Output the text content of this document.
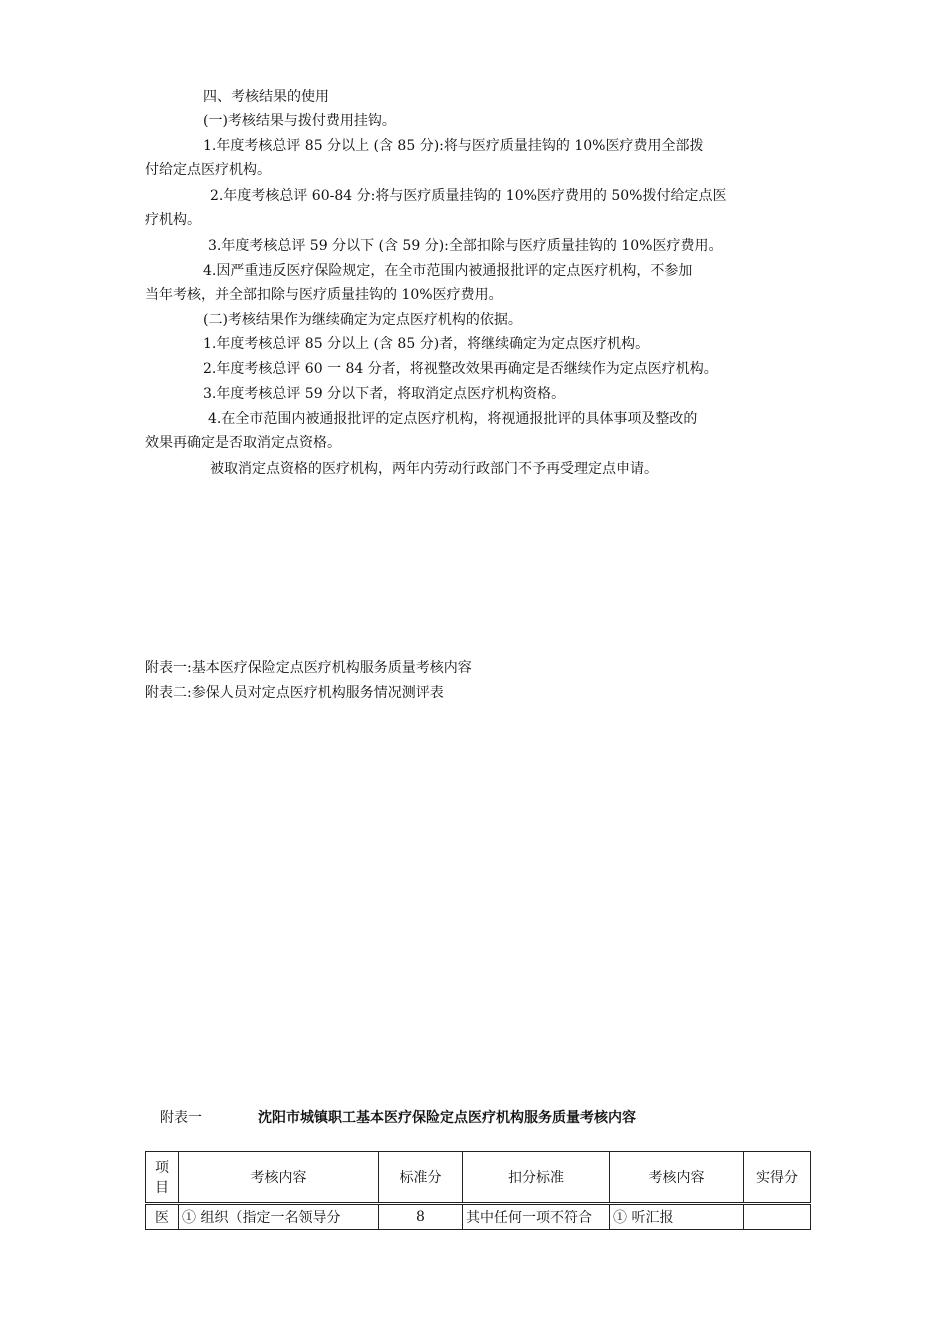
四、考核结果的使用
(一)考核结果与拨付费用挂钩。
1.年度考核总评 85 分以上 (含 85 分):将与医疗质量挂钩的 10%医疗费用全部拨
付给定点医疗机构。
2.年度考核总评 60-84 分:将与医疗质量挂钩的 10%医疗费用的 50%拨付给定点医
疗机构。
3.年度考核总评 59 分以下 (含 59 分):全部扣除与医疗质量挂钩的 10%医疗费用。
4.因严重违反医疗保险规定，在全市范围内被通报批评的定点医疗机构，不参加
当年考核，并全部扣除与医疗质量挂钩的 10%医疗费用。
(二)考核结果作为继续确定为定点医疗机构的依据。
1.年度考核总评 85 分以上 (含 85 分)者，将继续确定为定点医疗机构。
2.年度考核总评 60 一 84 分者，将视整改效果再确定是否继续作为定点医疗机构。
3.年度考核总评 59 分以下者，将取消定点医疗机构资格。
4.在全市范围内被通报批评的定点医疗机构，将视通报批评的具体事项及整改的
效果再确定是否取消定点资格。
被取消定点资格的医疗机构，两年内劳动行政部门不予再受理定点申请。
附表一:基本医疗保险定点医疗机构服务质量考核内容
附表二:参保人员对定点医疗机构服务情况测评表
附表一	沈阳市城镇职工基本医疗保险定点医疗机构服务质量考核内容
项
目	考核内容	标准分	扣分标准	考核内容	实得分
医	① 组织（指定一名领导分	8	其中任何一项不符合	① 听汇报	
